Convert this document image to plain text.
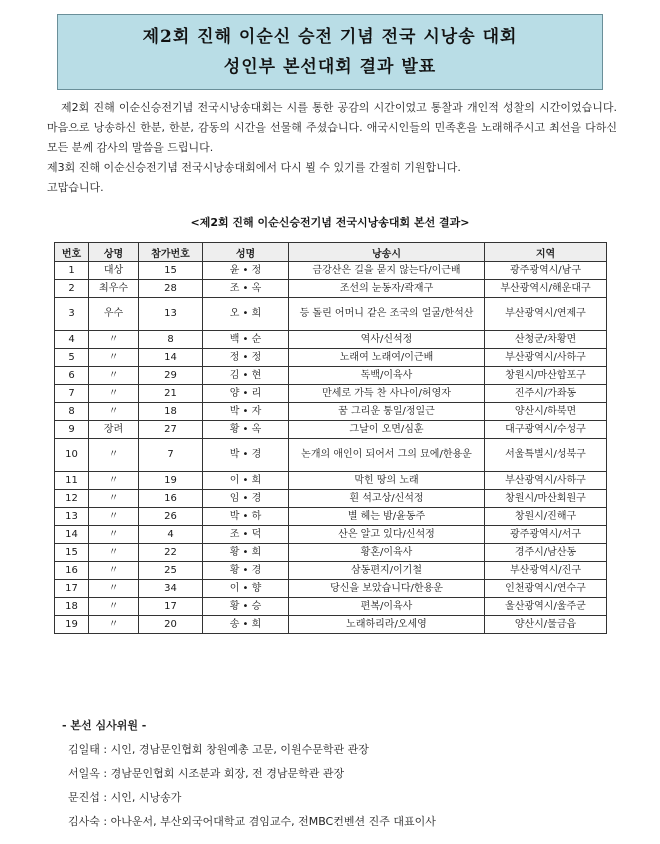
제2회 진해 이순신 승전 기념 전국 시낭송 대회
성인부 본선대회 결과 발표

제2회 진해 이순신승전기념 전국시낭송대회는 시를 통한 공감의 시간이었고 통찰과 개인적 성찰의 시간이었습니다. 마음으로 낭송하신 한분, 한분, 감동의 시간을 선물해 주셨습니다. 애국시인들의 민족혼을 노래해주시고 최선을 다하신 모든 분께 감사의 말씀을 드립니다.

제3회 진해 이순신승전기념 전국시낭송대회에서 다시 뵐 수 있기를 간절히 기원합니다.

고맙습니다.

<제2회 진해 이순신승전기념 전국시낭송대회 본선 결과>
번호	상명	참가번호	성명	낭송시	지역
1	대상	15	윤 • 정	금강산은 길을 묻지 않는다/이근배	광주광역시/남구
2	최우수	28	조 • 옥	조선의 눈동자/곽재구	부산광역시/해운대구
3	우수	13	오 • 희	등 돌린 어머니 같은 조국의 얼굴/한석산	부산광역시/연제구
4	〃	8	백 • 순	역사/신석정	산청군/차황면
5	〃	14	정 • 정	노래여 노래여/이근배	부산광역시/사하구
6	〃	29	김 • 현	독백/이육사	창원시/마산합포구
7	〃	21	양 • 리	만세로 가득 찬 사나이/허영자	진주시/가좌동
8	〃	18	박 • 자	꿈 그리운 통일/정일근	양산시/하북면
9	장려	27	황 • 옥	그날이 오면/심훈	대구광역시/수성구
10	〃	7	박 • 경	논개의 애인이 되어서 그의 묘에/한용운	서울특별시/성북구
11	〃	19	이 • 희	막힌 땅의 노래	부산광역시/사하구
12	〃	16	임 • 경	흰 석고상/신석정	창원시/마산회원구
13	〃	26	박 • 하	별 헤는 밤/윤동주	창원시/진해구
14	〃	4	조 • 덕	산은 알고 있다/신석정	광주광역시/서구
15	〃	22	황 • 희	황혼/이육사	경주시/남산동
16	〃	25	황 • 경	삼동편지/이기철	부산광역시/진구
17	〃	34	이 • 향	당신을 보았습니다/한용운	인천광역시/연수구
18	〃	17	황 • 승	편복/이육사	울산광역시/울주군
19	〃	20	송 • 희	노래하리라/오세영	양산시/물금읍
- 본선 심사위원 -
김일태 : 시인, 경남문인협회 창원예총 고문, 이원수문학관 관장
서일옥 : 경남문인협회 시조분과 회장, 전 경남문학관 관장
문진섭 : 시인, 시낭송가
김사숙 : 아나운서, 부산외국어대학교 겸임교수, 전MBC컨벤션 진주 대표이사
